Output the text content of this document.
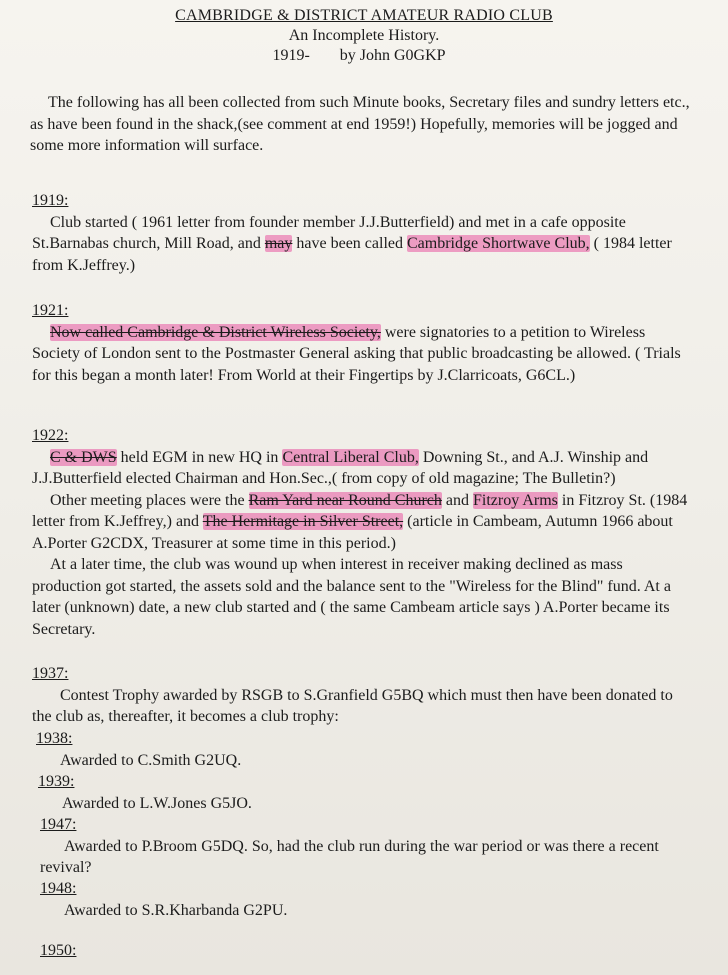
CAMBRIDGE & DISTRICT AMATEUR RADIO CLUB
An Incomplete History.
1919- by John G0GKP

The following has all been collected from such Minute books, Secretary files and sundry letters etc., as have been found in the shack,(see comment at end 1959!) Hopefully, memories will be jogged and some more information will surface.

1919:

Club started ( 1961 letter from founder member J.J.Butterfield) and met in a cafe opposite St.Barnabas church, Mill Road, and may have been called Cambridge Shortwave Club, ( 1984 letter from K.Jeffrey.)

1921:

Now called Cambridge & District Wireless Society, were signatories to a petition to Wireless Society of London sent to the Postmaster General asking that public broadcasting be allowed. ( Trials for this began a month later! From World at their Fingertips by J.Clarricoats, G6CL.)

1922:

C & DWS held EGM in new HQ in Central Liberal Club, Downing St., and A.J. Winship and J.J.Butterfield elected Chairman and Hon.Sec.,( from copy of old magazine; The Bulletin?)

Other meeting places were the Ram Yard near Round Church and Fitzroy Arms in Fitzroy St. (1984 letter from K.Jeffrey,) and The Hermitage in Silver Street, (article in Cambeam, Autumn 1966 about A.Porter G2CDX, Treasurer at some time in this period.)

At a later time, the club was wound up when interest in receiver making declined as mass production got started, the assets sold and the balance sent to the "Wireless for the Blind" fund. At a later (unknown) date, a new club started and ( the same Cambeam article says ) A.Porter became its Secretary.

1937:

Contest Trophy awarded by RSGB to S.Granfield G5BQ which must then have been donated to the club as, thereafter, it becomes a club trophy:

1938:
Awarded to C.Smith G2UQ.
1939:
Awarded to L.W.Jones G5JO.
1947:

Awarded to P.Broom G5DQ. So, had the club run during the war period or was there a recent revival?

1948:
Awarded to S.R.Kharbanda G2PU.
1950:
